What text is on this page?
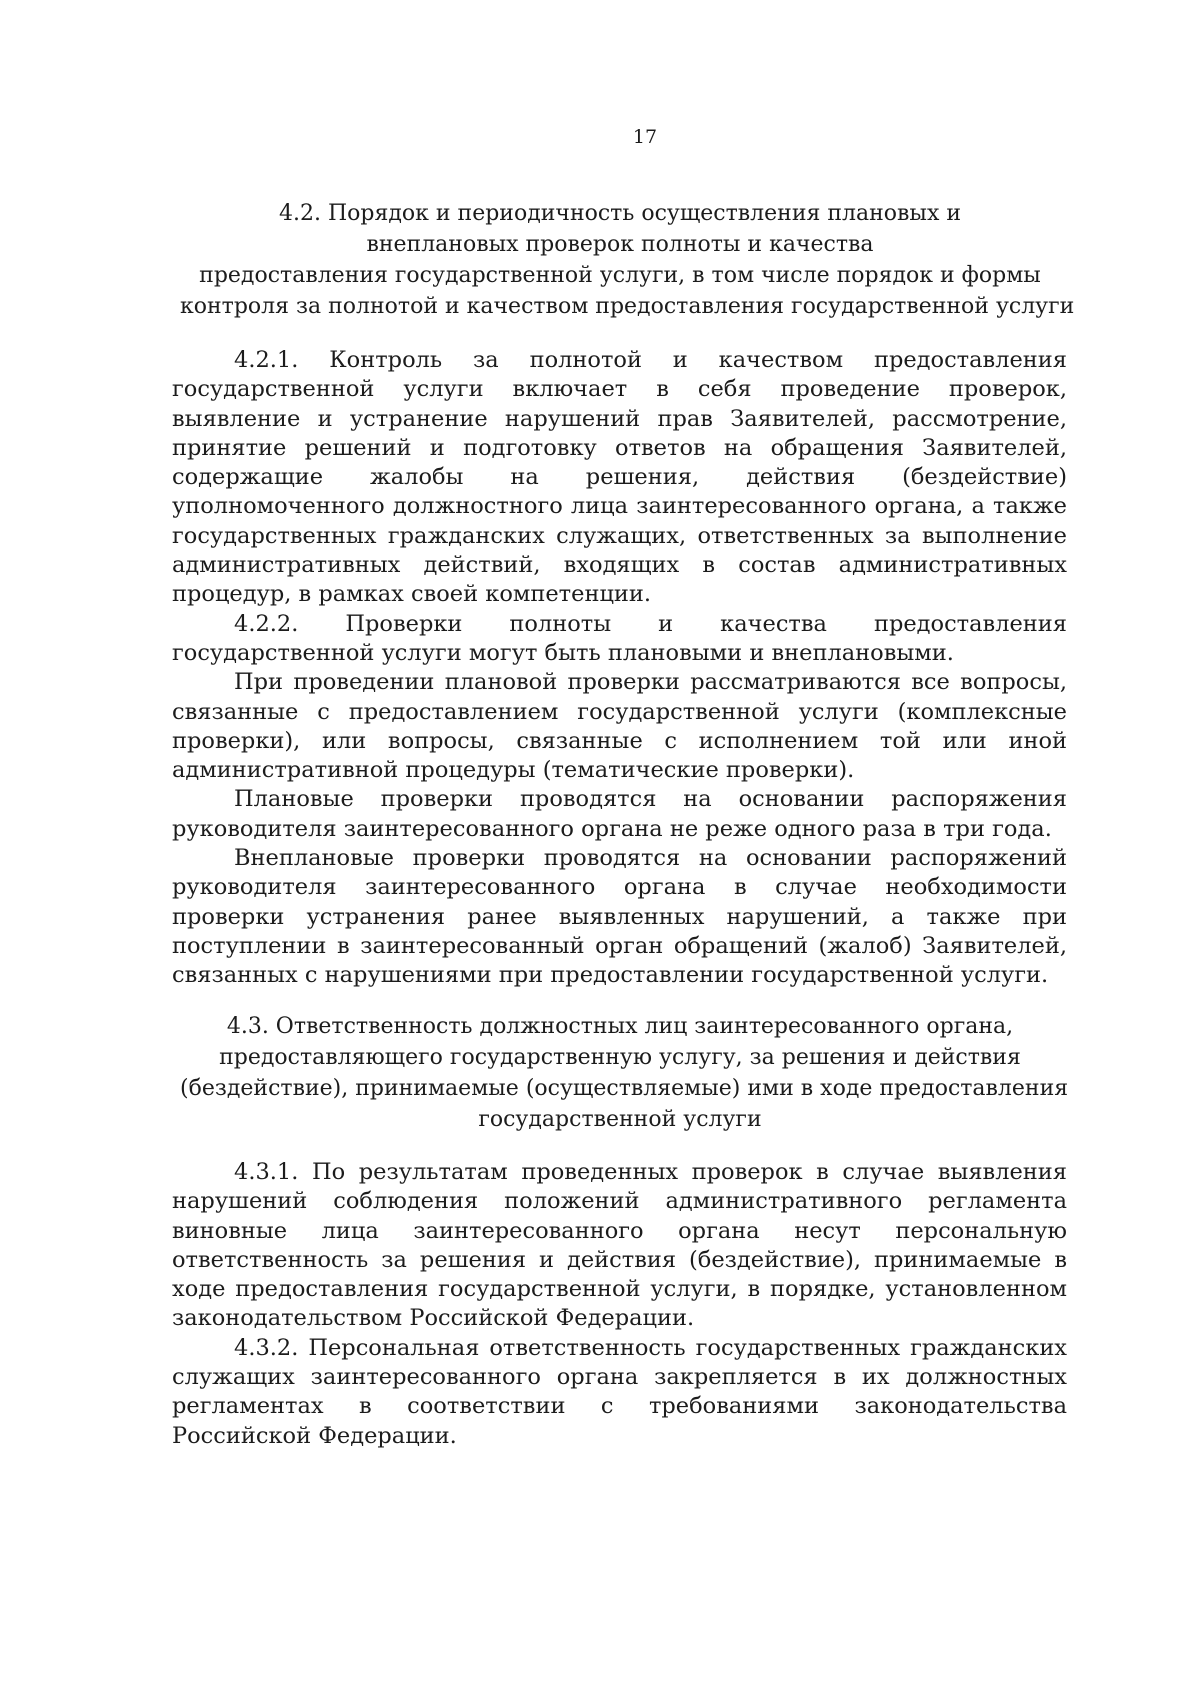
17
4.2. Порядок и периодичность осуществления плановых и
внеплановых проверок полноты и качества
предоставления государственной услуги, в том числе порядок и формы
контроля за полнотой и качеством предоставления государственной услуги

4.2.1. Контроль за полнотой и качеством предоставления государственной услуги включает в себя проведение проверок, выявление и устранение нарушений прав Заявителей, рассмотрение, принятие решений и подготовку ответов на обращения Заявителей, содержащие жалобы на решения, действия (бездействие) уполномоченного должностного лица заинтересованного органа, а также государственных гражданских служащих, ответственных за выполнение административных действий, входящих в состав административных процедур, в рамках своей компетенции.

4.2.2. Проверки полноты и качества предоставления государственной услуги могут быть плановыми и внеплановыми.

При проведении плановой проверки рассматриваются все вопросы, связанные с предоставлением государственной услуги (комплексные проверки), или вопросы, связанные с исполнением той или иной административной процедуры (тематические проверки).

Плановые проверки проводятся на основании распоряжения руководителя заинтересованного органа не реже одного раза в три года.

Внеплановые проверки проводятся на основании распоряжений руководителя заинтересованного органа в случае необходимости проверки устранения ранее выявленных нарушений, а также при поступлении в заинтересованный орган обращений (жалоб) Заявителей, связанных с нарушениями при предоставлении государственной услуги.

4.3. Ответственность должностных лиц заинтересованного органа,
предоставляющего государственную услугу, за решения и действия
(бездействие), принимаемые (осуществляемые) ими в ходе предоставления
государственной услуги

4.3.1. По результатам проведенных проверок в случае выявления нарушений соблюдения положений административного регламента виновные лица заинтересованного органа несут персональную ответственность за решения и действия (бездействие), принимаемые в ходе предоставления государственной услуги, в порядке, установленном законодательством Российской Федерации.

4.3.2. Персональная ответственность государственных гражданских служащих заинтересованного органа закрепляется в их должностных регламентах в соответствии с требованиями законодательства Российской Федерации.
